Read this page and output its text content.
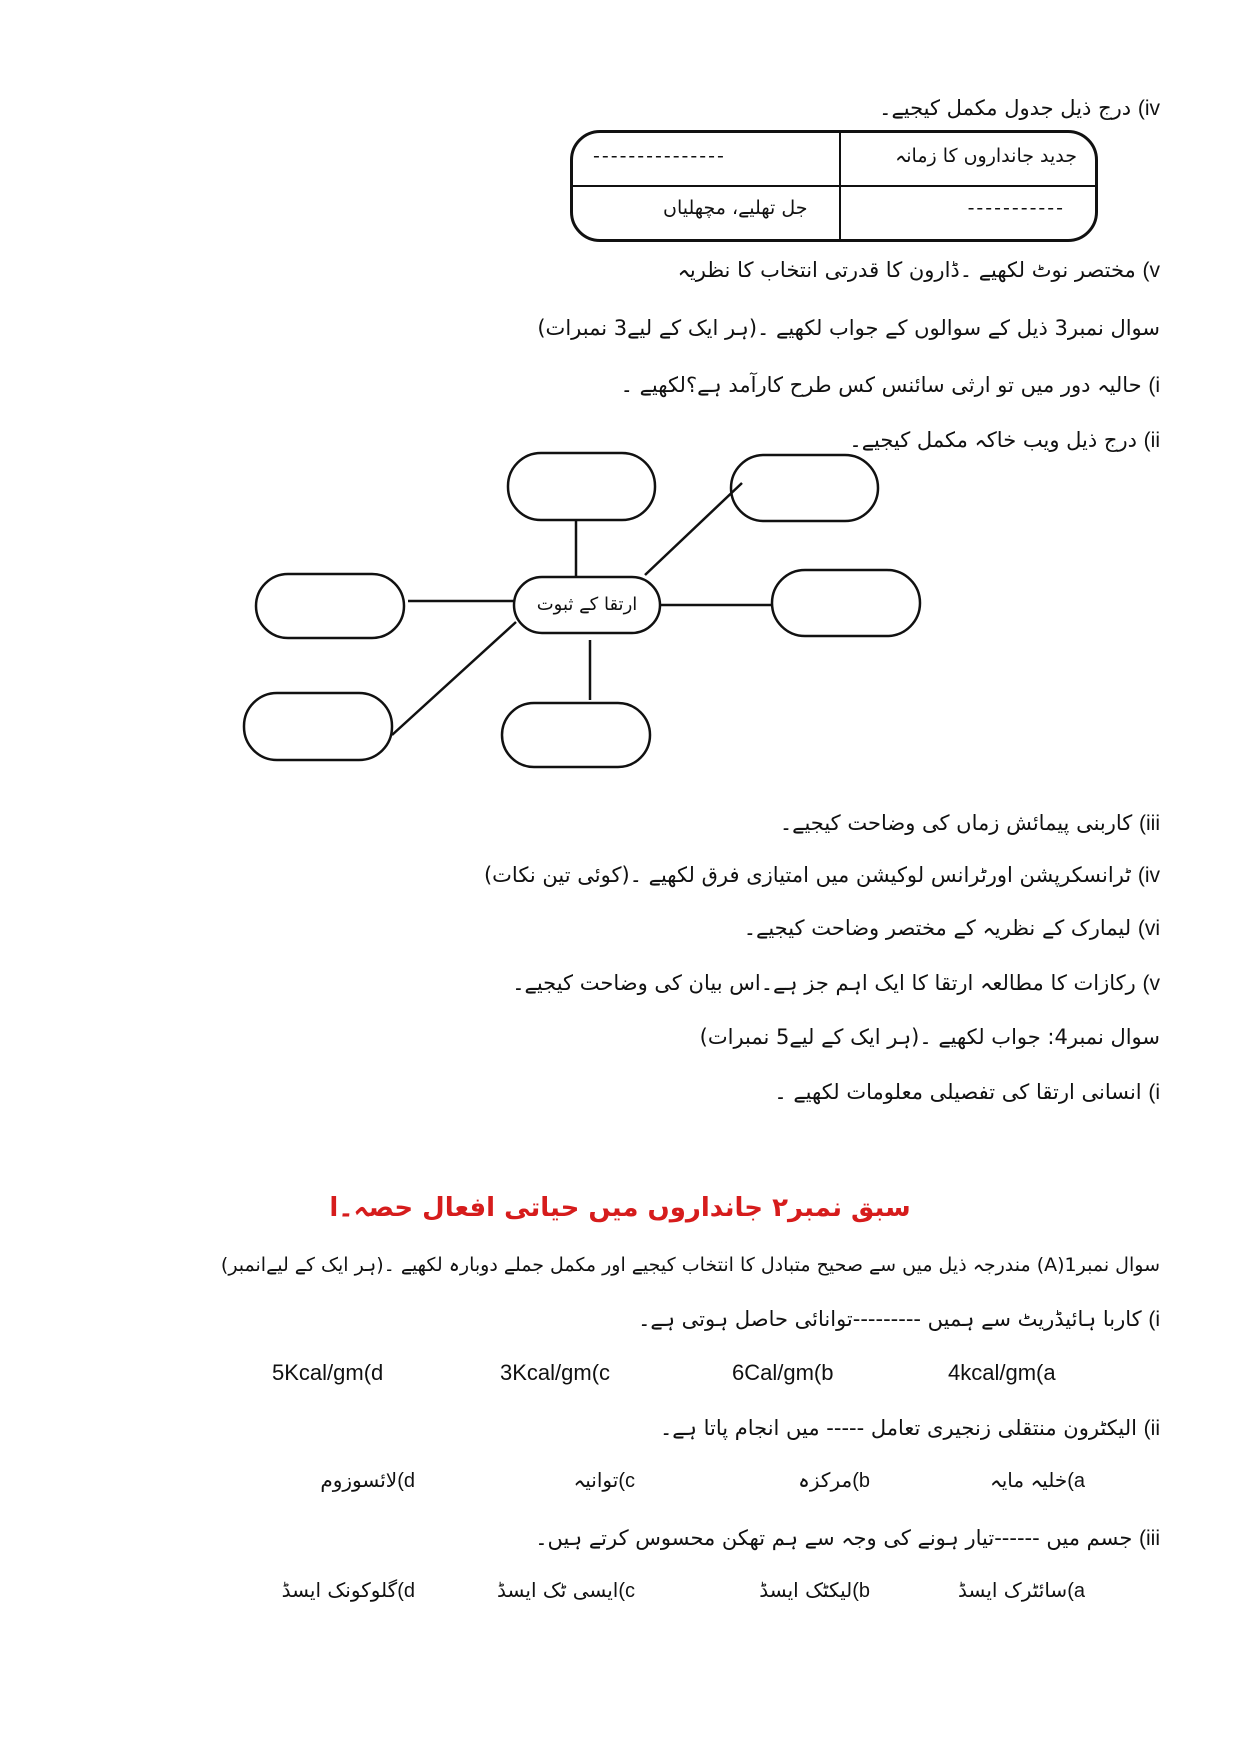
iv) درج ذیل جدول مکمل کیجیے۔
جدید جانداروں کا زمانہ
---------------
-----------
جل تھلیے، مچھلیاں
v) مختصر نوٹ لکھیے ۔ڈارون کا قدرتی انتخاب کا نظریہ
سوال نمبر3 ذیل کے سوالوں کے جواب لکھیے ۔(ہر ایک کے لیے3 نمبرات)
i) حالیہ دور میں تو ارثی سائنس کس طرح کارآمد ہے؟لکھیے ۔
ii) درج ذیل ویب خاکہ مکمل کیجیے۔
ارتقا کے ثبوت
iii) کاربنی پیمائش زماں کی وضاحت کیجیے۔
iv) ٹرانسکرپشن اورٹرانس لوکیشن میں امتیازی فرق لکھیے ۔(کوئی تین نکات)
vi) لیمارک کے نظریہ کے مختصر وضاحت کیجیے۔
v) رکازات کا مطالعہ ارتقا کا ایک اہم جز ہے۔اس بیان کی وضاحت کیجیے۔
سوال نمبر4: جواب لکھیے ۔(ہر ایک کے لیے5 نمبرات)
i) انسانی ارتقا کی تفصیلی معلومات لکھیے ۔
سبق نمبر۲ جانداروں میں حیاتی افعال حصہ۔ا
سوال نمبر1(A) مندرجہ ذیل میں سے صحیح متبادل کا انتخاب کیجیے اور مکمل جملے دوبارہ لکھیے ۔(ہر ایک کے لیےانمبر)
i) کاربا ہائیڈریٹ سے ہمیں ---------توانائی حاصل ہوتی ہے۔
4kcal/gm(a
6Cal/gm(b
3Kcal/gm(c
5Kcal/gm(d
ii) الیکٹرون منتقلی زنجیری تعامل ----- میں انجام پاتا ہے۔
a)خلیہ مایہ
b)مرکزہ
c)توانیہ
d)لائسوزوم
iii) جسم میں ------تیار ہونے کی وجہ سے ہم تھکن محسوس کرتے ہیں۔
a)سائٹرک ایسڈ
b)لیکٹک ایسڈ
c)ایسی ٹک ایسڈ
d)گلوکونک ایسڈ
